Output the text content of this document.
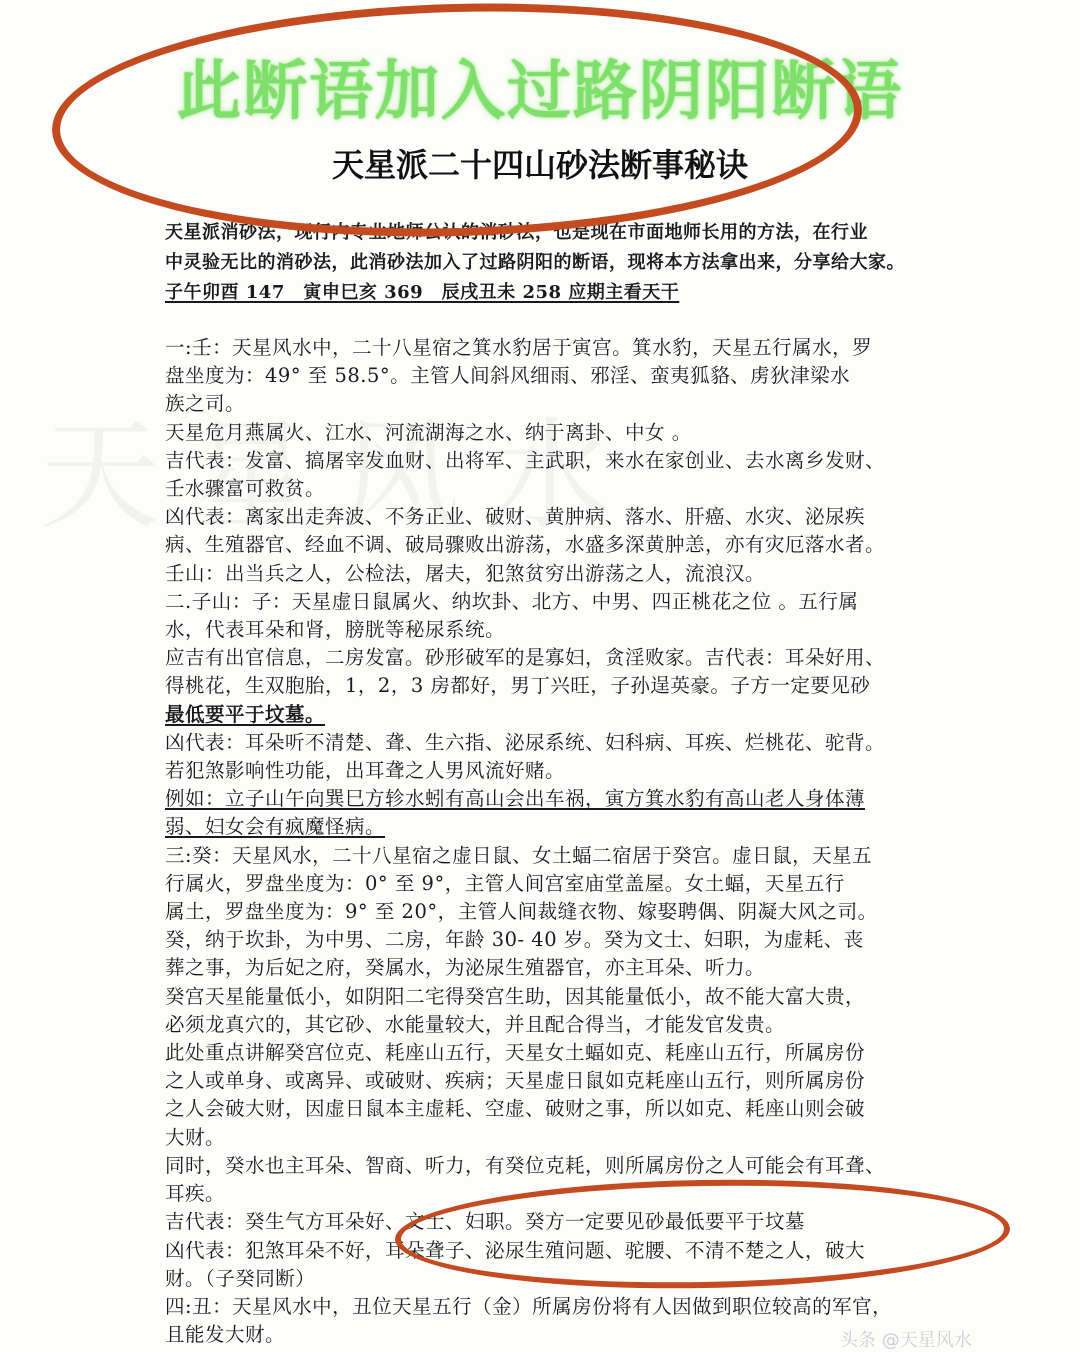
此断语加入过路阴阳断语
天星派二十四山砂法断事秘诀

天星派消砂法，现行内专业地师公认的消砂法，也是现在市面地师长用的方法，在行业

中灵验无比的消砂法，此消砂法加入了过路阴阳的断语，现将本方法拿出来，分享给大家。

子午卯酉 147　寅申巳亥 369　辰戌丑未 258 应期主看天干

一:壬：天星风水中，二十八星宿之箕水豹居于寅宫。箕水豹，天星五行属水，罗

盘坐度为：49° 至 58.5°。主管人间斜风细雨、邪淫、蛮夷狐貉、虏狄津梁水

族之司。

天星危月燕属火、江水、河流湖海之水、纳于离卦、中女 。

吉代表：发富、搞屠宰发血财、出将军、主武职，来水在家创业、去水离乡发财、

壬水骤富可救贫。

凶代表：离家出走奔波、不务正业、破财、黄肿病、落水、肝癌、水灾、泌尿疾

病、生殖器官、经血不调、破局骤败出游荡，水盛多深黄肿恙，亦有灾厄落水者。

壬山：出当兵之人，公检法，屠夫，犯煞贫穷出游荡之人，流浪汉。

二.子山：子：天星虚日鼠属火、纳坎卦、北方、中男、四正桃花之位 。五行属

水，代表耳朵和肾，膀胱等秘尿系统。

应吉有出官信息，二房发富。砂形破军的是寡妇，贪淫败家。吉代表：耳朵好用、

得桃花，生双胞胎，1，2，3 房都好，男丁兴旺，子孙逞英豪。子方一定要见砂

最低要平于坟墓。

凶代表：耳朵听不清楚、聋、生六指、泌尿系统、妇科病、耳疾、烂桃花、驼背。

若犯煞影响性功能，出耳聋之人男风流好赌。

例如：立子山午向巽巳方轸水蚓有高山会出车祸，寅方箕水豹有高山老人身体薄

弱、妇女会有疯魔怪病。

三:癸：天星风水，二十八星宿之虚日鼠、女土蝠二宿居于癸宫。虚日鼠，天星五

行属火，罗盘坐度为：0° 至 9°，主管人间宫室庙堂盖屋。女土蝠，天星五行

属土，罗盘坐度为：9° 至 20°，主管人间裁缝衣物、嫁娶聘偶、阴凝大风之司。

癸，纳于坎卦，为中男、二房，年龄 30- 40 岁。癸为文士、妇职，为虚耗、丧

葬之事，为后妃之府，癸属水，为泌尿生殖器官，亦主耳朵、听力。

癸宫天星能量低小，如阴阳二宅得癸宫生助，因其能量低小，故不能大富大贵，

必须龙真穴的，其它砂、水能量较大，并且配合得当，才能发官发贵。

此处重点讲解癸宫位克、耗座山五行，天星女土蝠如克、耗座山五行，所属房份

之人或单身、或离异、或破财、疾病；天星虚日鼠如克耗座山五行，则所属房份

之人会破大财，因虚日鼠本主虚耗、空虚、破财之事，所以如克、耗座山则会破

大财。

同时，癸水也主耳朵、智商、听力，有癸位克耗，则所属房份之人可能会有耳聋、

耳疾。

吉代表：癸生气方耳朵好、文士、妇职。癸方一定要见砂最低要平于坟墓

凶代表：犯煞耳朵不好，耳朵聋子、泌尿生殖问题、驼腰、不清不楚之人，破大

财。（子癸同断）

四:丑：天星风水中，丑位天星五行（金）所属房份将有人因做到职位较高的军官，

且能发大财。	头条 @天星风水
